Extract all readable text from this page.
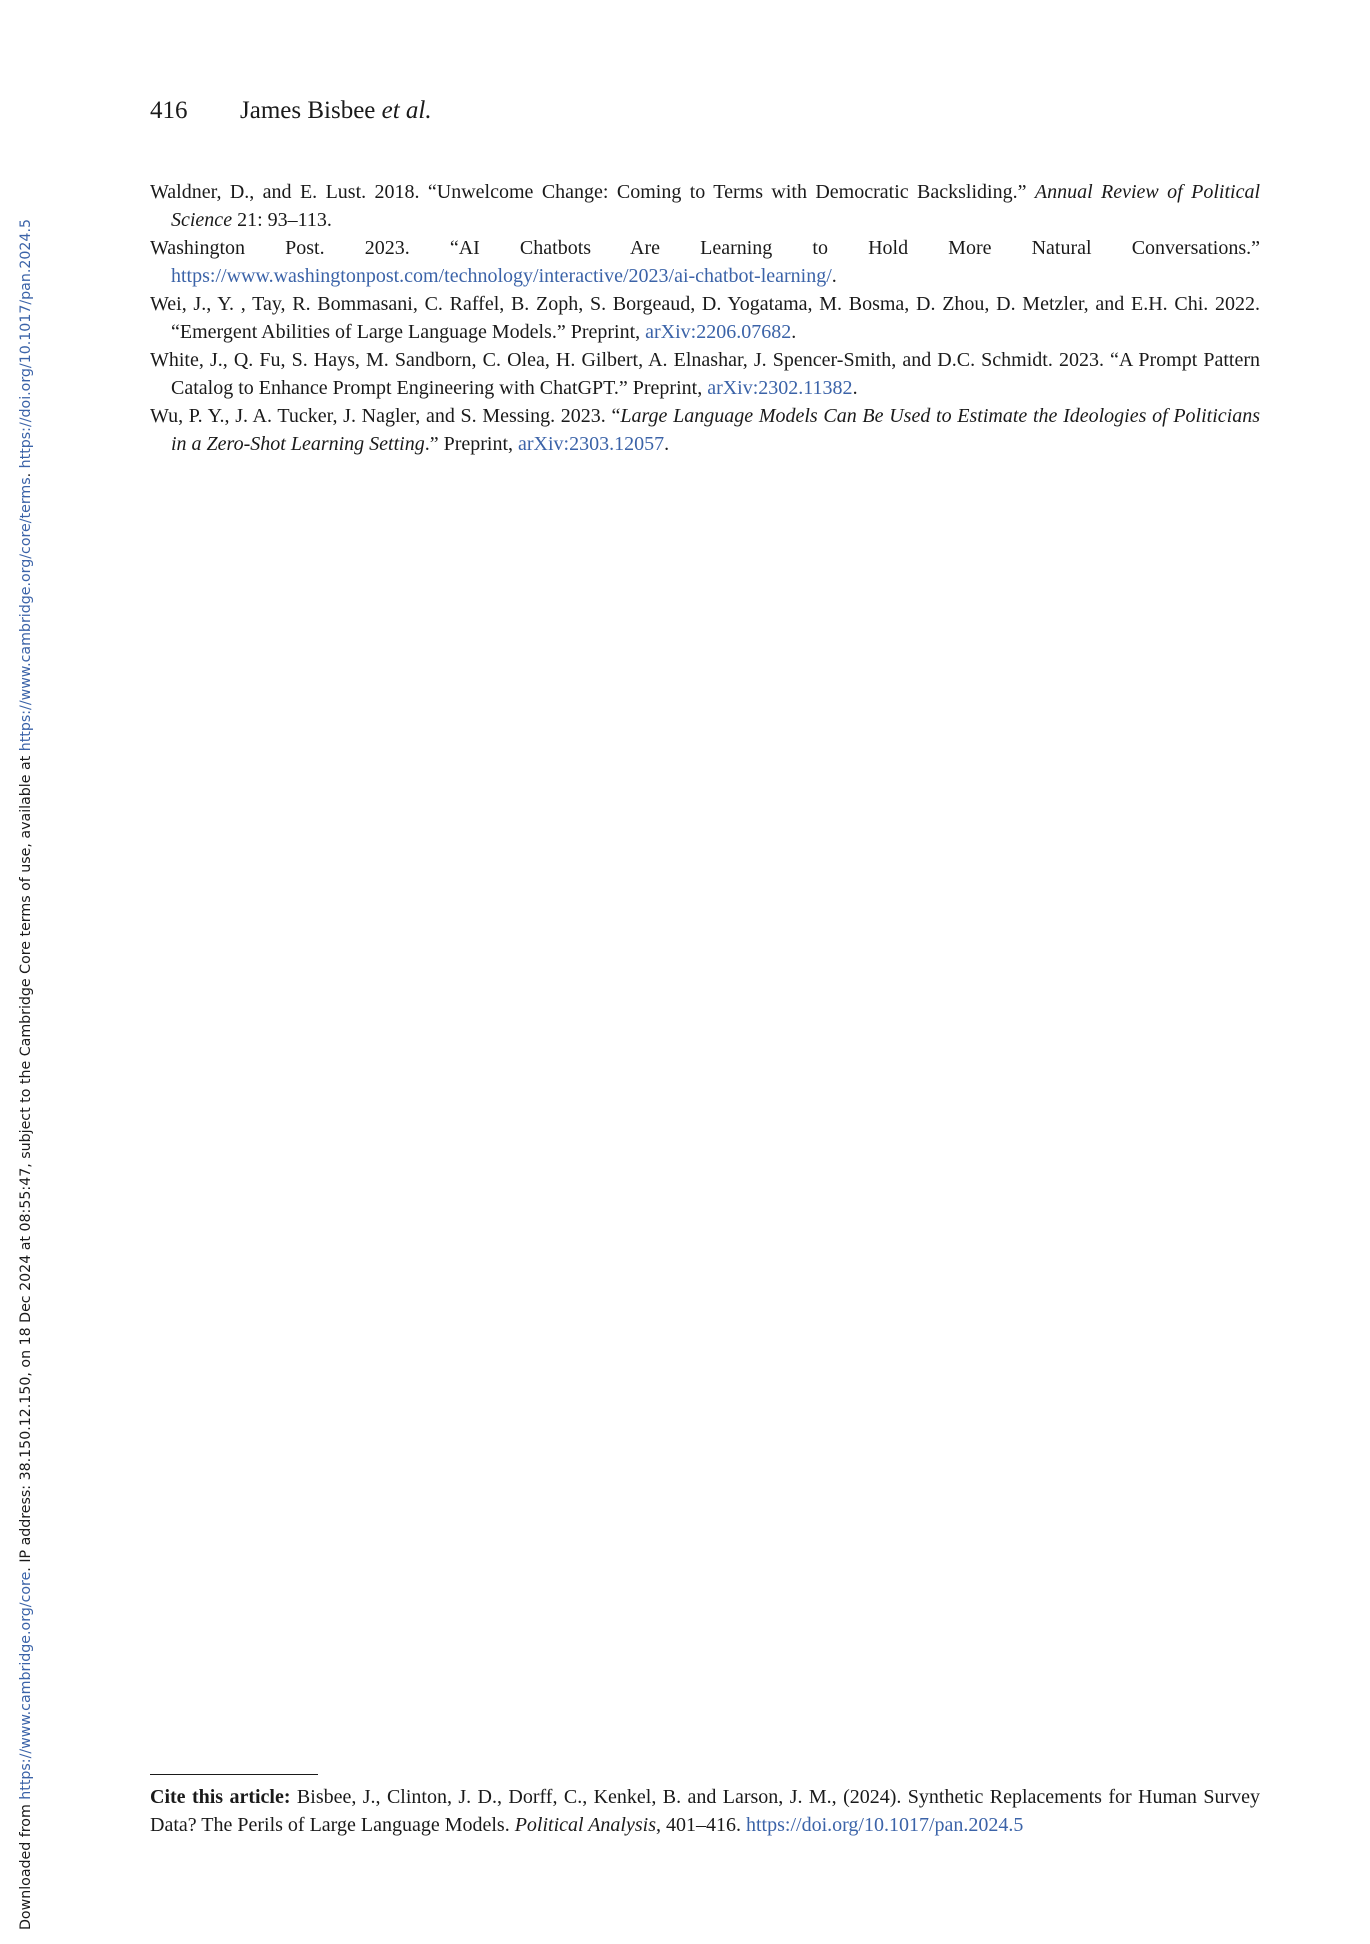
Downloaded from https://www.cambridge.org/core. IP address: 38.150.12.150, on 18 Dec 2024 at 08:55:47, subject to the Cambridge Core terms of use, available at https://www.cambridge.org/core/terms. https://doi.org/10.1017/pan.2024.5
416 James Bisbee et al.

Waldner, D., and E. Lust. 2018. “Unwelcome Change: Coming to Terms with Democratic Backsliding.” Annual Review of Political Science 21: 93–113.

Washington Post. 2023. “AI Chatbots Are Learning to Hold More Natural Conversations.” https://www.washingtonpost.com/technology/interactive/2023/ai-chatbot-learning/.

Wei, J., Y. , Tay, R. Bommasani, C. Raffel, B. Zoph, S. Borgeaud, D. Yogatama, M. Bosma, D. Zhou, D. Metzler, and E.H. Chi. 2022. “Emergent Abilities of Large Language Models.” Preprint, arXiv:2206.07682.

White, J., Q. Fu, S. Hays, M. Sandborn, C. Olea, H. Gilbert, A. Elnashar, J. Spencer-Smith, and D.C. Schmidt. 2023. “A Prompt Pattern Catalog to Enhance Prompt Engineering with ChatGPT.” Preprint, arXiv:2302.11382.

Wu, P. Y., J. A. Tucker, J. Nagler, and S. Messing. 2023. “Large Language Models Can Be Used to Estimate the Ideologies of Politicians in a Zero-Shot Learning Setting.” Preprint, arXiv:2303.12057.

Cite this article: Bisbee, J., Clinton, J. D., Dorff, C., Kenkel, B. and Larson, J. M., (2024). Synthetic Replacements for Human Survey Data? The Perils of Large Language Models. Political Analysis, 401–416. https://doi.org/10.1017/pan.2024.5
